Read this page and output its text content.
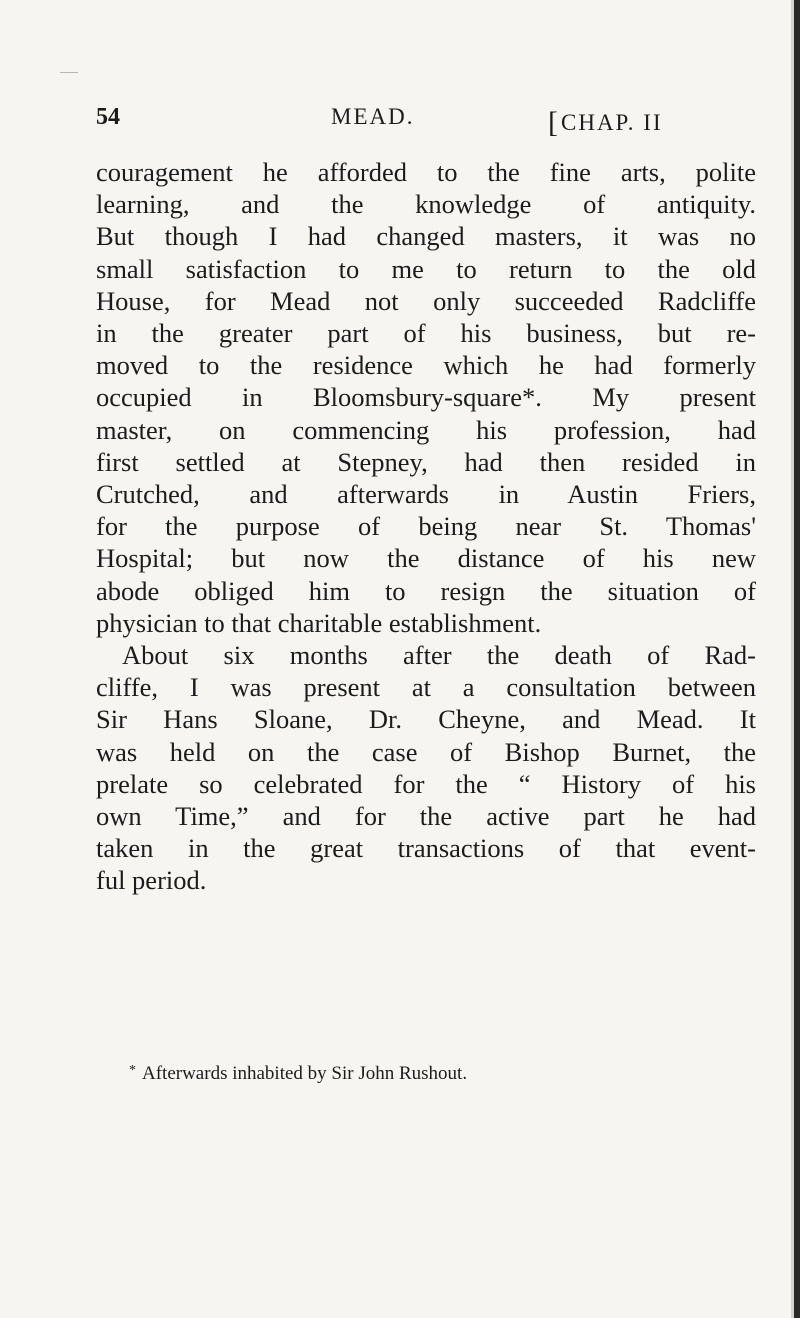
54	MEAD.	[CHAP. II
couragement he afforded to the fine arts, polite
learning, and the knowledge of antiquity.
But though I had changed masters, it was no
small satisfaction to me to return to the old
House, for Mead not only succeeded Radcliffe
in the greater part of his business, but re-
moved to the residence which he had formerly
occupied in Bloomsbury-square*. My present
master, on commencing his profession, had
first settled at Stepney, had then resided in
Crutched, and afterwards in Austin Friers,
for the purpose of being near St. Thomas'
Hospital; but now the distance of his new
abode obliged him to resign the situation of
physician to that charitable establishment.
About six months after the death of Rad-
cliffe, I was present at a consultation between
Sir Hans Sloane, Dr. Cheyne, and Mead. It
was held on the case of Bishop Burnet, the
prelate so celebrated for the “ History of his
own Time,” and for the active part he had
taken in the great transactions of that event-
ful period.
* Afterwards inhabited by Sir John Rushout.
